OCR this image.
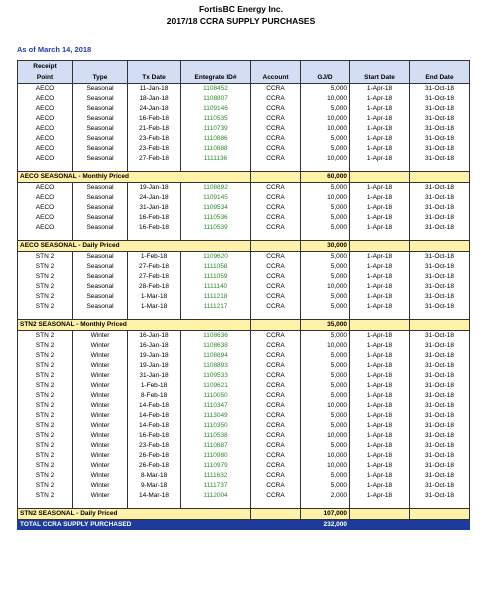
FortisBC Energy Inc.
2017/18 CCRA SUPPLY PURCHASES
As of March 14, 2018
Receipt							
Point	Type	Tx Date	Entegrate ID#	Account	GJ/D	Start Date	End Date
AECO	Seasonal	11-Jan-18	1108452	CCRA	5,000	1-Apr-18	31-Oct-18
AECO	Seasonal	18-Jan-18	1108807	CCRA	10,000	1-Apr-18	31-Oct-18
AECO	Seasonal	24-Jan-18	1109146	CCRA	5,000	1-Apr-18	31-Oct-18
AECO	Seasonal	16-Feb-18	1110535	CCRA	10,000	1-Apr-18	31-Oct-18
AECO	Seasonal	21-Feb-18	1110739	CCRA	10,000	1-Apr-18	31-Oct-18
AECO	Seasonal	23-Feb-18	1110886	CCRA	5,000	1-Apr-18	31-Oct-18
AECO	Seasonal	23-Feb-18	1110888	CCRA	5,000	1-Apr-18	31-Oct-18
AECO	Seasonal	27-Feb-18	1111136	CCRA	10,000	1-Apr-18	31-Oct-18

AECO SEASONAL - Monthly Priced					60,000		
AECO	Seasonal	19-Jan-18	1108892	CCRA	5,000	1-Apr-18	31-Oct-18
AECO	Seasonal	24-Jan-18	1109145	CCRA	10,000	1-Apr-18	31-Oct-18
AECO	Seasonal	31-Jan-18	1109534	CCRA	5,000	1-Apr-18	31-Oct-18
AECO	Seasonal	16-Feb-18	1110536	CCRA	5,000	1-Apr-18	31-Oct-18
AECO	Seasonal	16-Feb-18	1110539	CCRA	5,000	1-Apr-18	31-Oct-18

AECO SEASONAL - Daily Priced					30,000		
STN 2	Seasonal	1-Feb-18	1109620	CCRA	5,000	1-Apr-18	31-Oct-18
STN 2	Seasonal	27-Feb-18	1111058	CCRA	5,000	1-Apr-18	31-Oct-18
STN 2	Seasonal	27-Feb-18	1111059	CCRA	5,000	1-Apr-18	31-Oct-18
STN 2	Seasonal	28-Feb-18	1111140	CCRA	10,000	1-Apr-18	31-Oct-18
STN 2	Seasonal	1-Mar-18	1111218	CCRA	5,000	1-Apr-18	31-Oct-18
STN 2	Seasonal	1-Mar-18	1111217	CCRA	5,000	1-Apr-18	31-Oct-18

STN2 SEASONAL - Monthly Priced					35,000		
STN 2	Winter	16-Jan-18	1108636	CCRA	5,000	1-Apr-18	31-Oct-18
STN 2	Winter	16-Jan-18	1108638	CCRA	10,000	1-Apr-18	31-Oct-18
STN 2	Winter	19-Jan-18	1108894	CCRA	5,000	1-Apr-18	31-Oct-18
STN 2	Winter	19-Jan-18	1108893	CCRA	5,000	1-Apr-18	31-Oct-18
STN 2	Winter	31-Jan-18	1109533	CCRA	5,000	1-Apr-18	31-Oct-18
STN 2	Winter	1-Feb-18	1109621	CCRA	5,000	1-Apr-18	31-Oct-18
STN 2	Winter	8-Feb-18	1110050	CCRA	5,000	1-Apr-18	31-Oct-18
STN 2	Winter	14-Feb-18	1110347	CCRA	10,000	1-Apr-18	31-Oct-18
STN 2	Winter	14-Feb-18	1113049	CCRA	5,000	1-Apr-18	31-Oct-18
STN 2	Winter	14-Feb-18	1110350	CCRA	5,000	1-Apr-18	31-Oct-18
STN 2	Winter	16-Feb-18	1110538	CCRA	10,000	1-Apr-18	31-Oct-18
STN 2	Winter	23-Feb-18	1110887	CCRA	5,000	1-Apr-18	31-Oct-18
STN 2	Winter	26-Feb-18	1110980	CCRA	10,000	1-Apr-18	31-Oct-18
STN 2	Winter	26-Feb-18	1110979	CCRA	10,000	1-Apr-18	31-Oct-18
STN 2	Winter	8-Mar-18	1111632	CCRA	5,000	1-Apr-18	31-Oct-18
STN 2	Winter	9-Mar-18	1111737	CCRA	5,000	1-Apr-18	31-Oct-18
STN 2	Winter	14-Mar-18	1112004	CCRA	2,000	1-Apr-18	31-Oct-18

STN2 SEASONAL - Daily Priced					107,000		
TOTAL CCRA SUPPLY PURCHASED					232,000		
